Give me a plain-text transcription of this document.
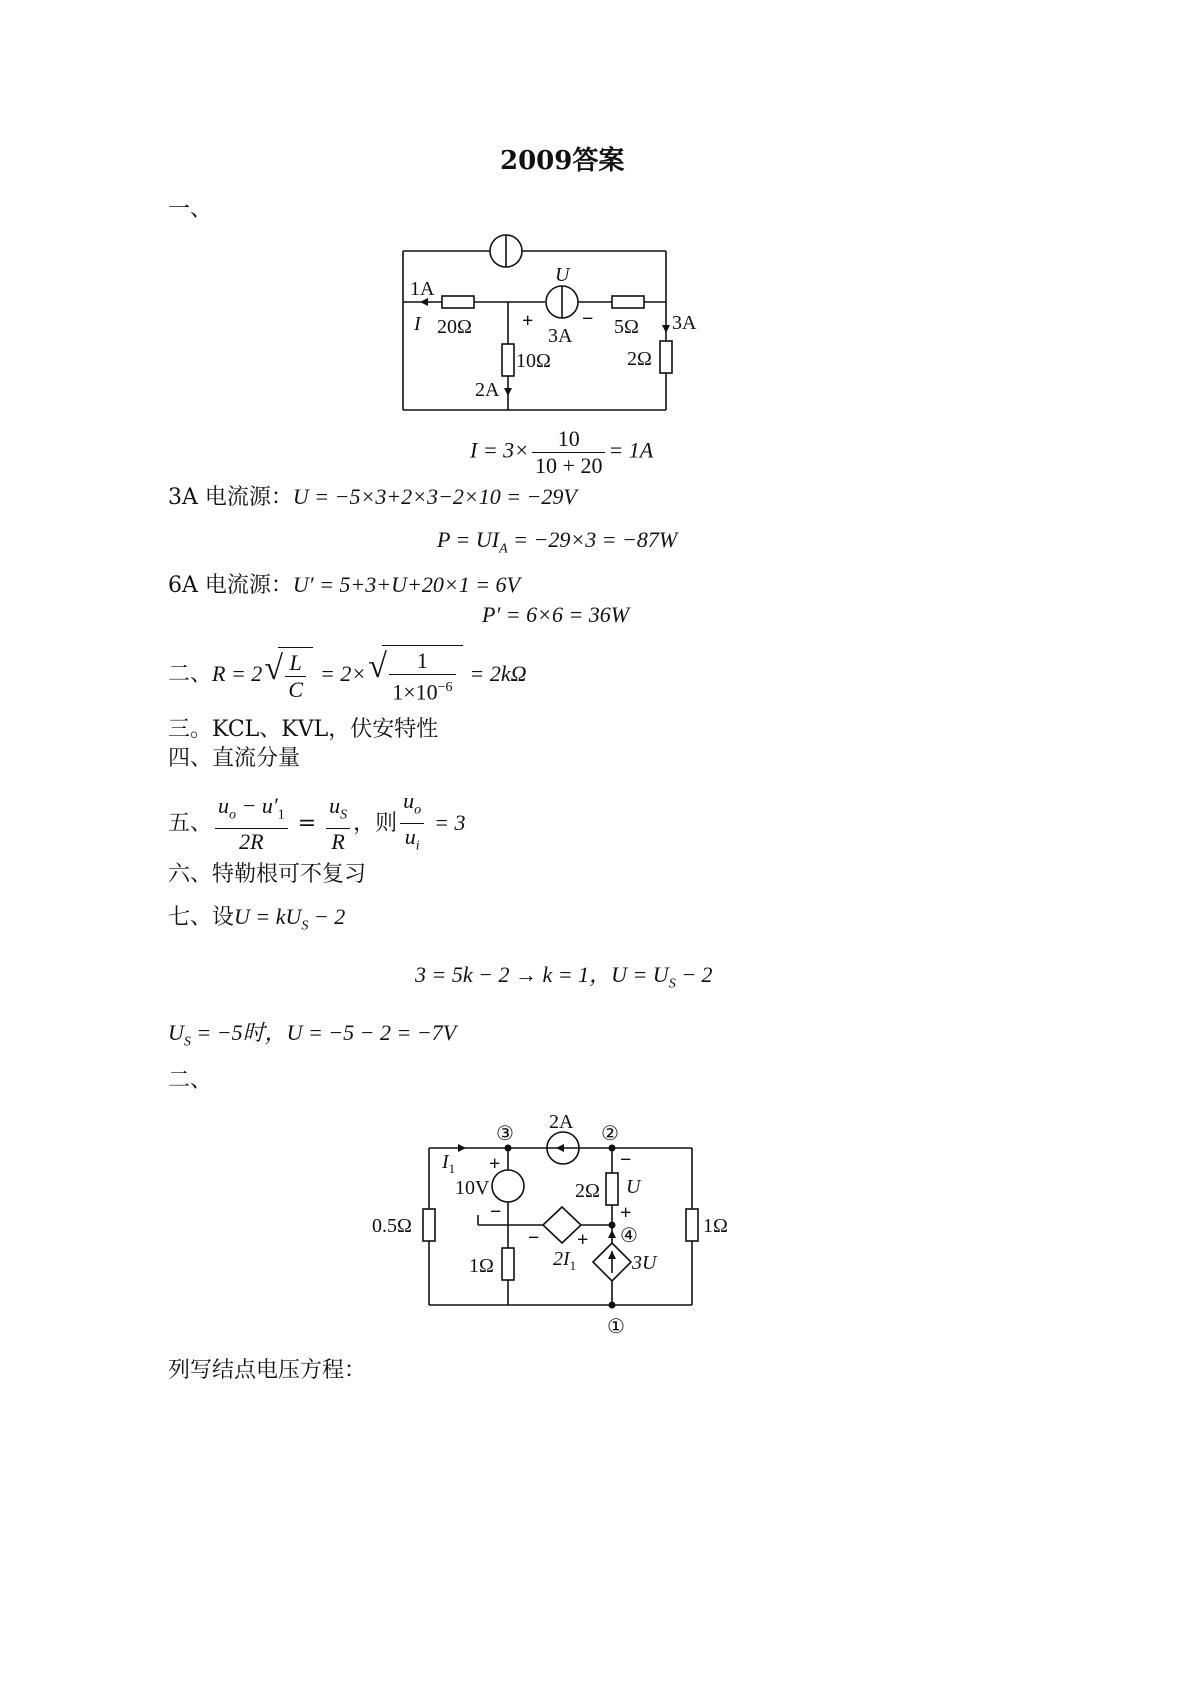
2009答案
一、
U
1A
I 20Ω	+ −
3A 5Ω 3A
10Ω	2Ω
2A
$I = 3\times \frac{10}{10 + 20} = 1A$
3A 电流源：U = −5×3+2×3−2×10 = −29V
$P = UI_A = -29\times 3 = -87W$
6A 电流源：U′ = 5+3+U+20×1 = 6V
P′ = 6×6 = 36W
二、R = 2 √ $\frac{L}{C} = 2\times$ √ $\frac{1}{1\times 10^{-6}} = 2k\Omega$
三。KCL、KVL，伏安特性
四、直流分量
五、 $\frac{u_o - u'_1}{2R} = \frac{u_S}{R}$ ，则 $\frac{u_o}{u_i} = 3$
六、特勒根可不复习
七、设$U = kU_S - 2$
3 = 5k − 2 → k = 1，$U = U_S - 2$
$U_S = -5$时，U = −5 − 2 = −7V
二、
2A
③	②
④
①
$I_1$ +	−
10V
−
2Ω U
+
0.5Ω
− +
$2I_1$
1Ω	3U
1Ω
列写结点电压方程：
